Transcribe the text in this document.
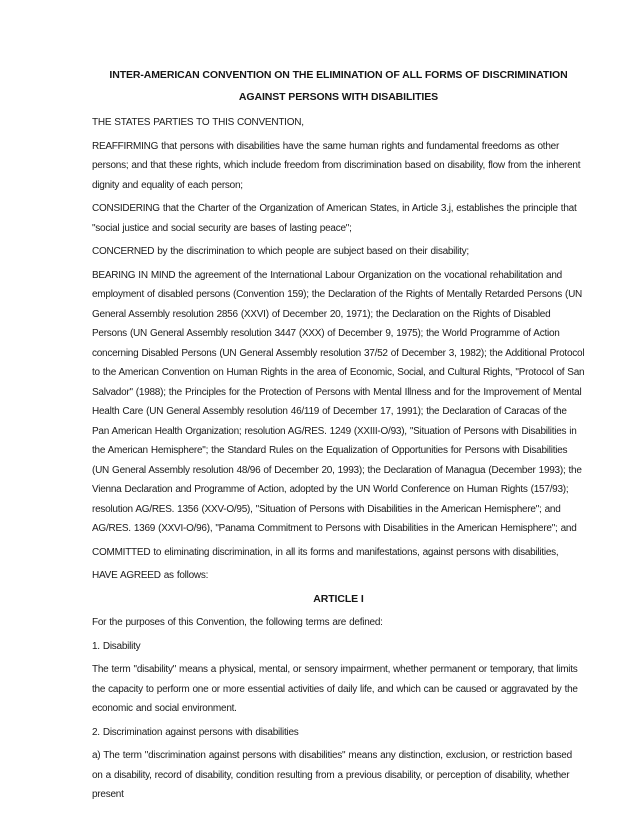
INTER-AMERICAN CONVENTION ON THE ELIMINATION OF ALL FORMS OF DISCRIMINATION AGAINST PERSONS WITH DISABILITIES

THE STATES PARTIES TO THIS CONVENTION,

REAFFIRMING that persons with disabilities have the same human rights and fundamental freedoms as other persons; and that these rights, which include freedom from discrimination based on disability, flow from the inherent dignity and equality of each person;

CONSIDERING that the Charter of the Organization of American States, in Article 3.j, establishes the principle that "social justice and social security are bases of lasting peace";

CONCERNED by the discrimination to which people are subject based on their disability;

BEARING IN MIND the agreement of the International Labour Organization on the vocational rehabilitation and employment of disabled persons (Convention 159); the Declaration of the Rights of Mentally Retarded Persons (UN General Assembly resolution 2856 (XXVI) of December 20, 1971); the Declaration on the Rights of Disabled Persons (UN General Assembly resolution 3447 (XXX) of December 9, 1975); the World Programme of Action concerning Disabled Persons (UN General Assembly resolution 37/52 of December 3, 1982); the Additional Protocol to the American Convention on Human Rights in the area of Economic, Social, and Cultural Rights, "Protocol of San Salvador" (1988); the Principles for the Protection of Persons with Mental Illness and for the Improvement of Mental Health Care (UN General Assembly resolution 46/119 of December 17, 1991); the Declaration of Caracas of the Pan American Health Organization; resolution AG/RES. 1249 (XXIII-O/93), "Situation of Persons with Disabilities in the American Hemisphere"; the Standard Rules on the Equalization of Opportunities for Persons with Disabilities (UN General Assembly resolution 48/96 of December 20, 1993); the Declaration of Managua (December 1993); the Vienna Declaration and Programme of Action, adopted by the UN World Conference on Human Rights (157/93); resolution AG/RES. 1356 (XXV-O/95), "Situation of Persons with Disabilities in the American Hemisphere"; and AG/RES. 1369 (XXVI-O/96), "Panama Commitment to Persons with Disabilities in the American Hemisphere"; and

COMMITTED to eliminating discrimination, in all its forms and manifestations, against persons with disabilities,

HAVE AGREED as follows:

ARTICLE I

For the purposes of this Convention, the following terms are defined:

1. Disability

The term "disability" means a physical, mental, or sensory impairment, whether permanent or temporary, that limits the capacity to perform one or more essential activities of daily life, and which can be caused or aggravated by the economic and social environment.

2. Discrimination against persons with disabilities

a) The term "discrimination against persons with disabilities" means any distinction, exclusion, or restriction based on a disability, record of disability, condition resulting from a previous disability, or perception of disability, whether present
